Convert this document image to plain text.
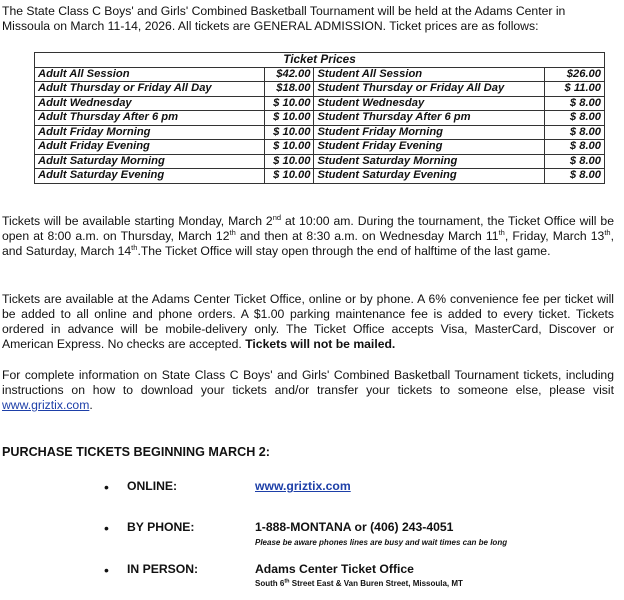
The State Class C Boys' and Girls' Combined Basketball Tournament will be held at the Adams Center in Missoula on March 11-14, 2026. All tickets are GENERAL ADMISSION. Ticket prices are as follows:
Ticket Prices			
Adult All Session	$42.00	Student All Session	$26.00
Adult Thursday or Friday All Day	$18.00	Student Thursday or Friday All Day	$ 11.00
Adult Wednesday	$ 10.00	Student Wednesday	$ 8.00
Adult Thursday After 6 pm	$ 10.00	Student Thursday After 6 pm	$ 8.00
Adult Friday Morning	$ 10.00	Student Friday Morning	$ 8.00
Adult Friday Evening	$ 10.00	Student Friday Evening	$ 8.00
Adult Saturday Morning	$ 10.00	Student Saturday Morning	$ 8.00
Adult Saturday Evening	$ 10.00	Student Saturday Evening	$ 8.00
Tickets will be available starting Monday, March 2nd at 10:00 am. During the tournament, the Ticket Office will be open at 8:00 a.m. on Thursday, March 12th and then at 8:30 a.m. on Wednesday March 11th, Friday, March 13th, and Saturday, March 14th.The Ticket Office will stay open through the end of halftime of the last game.
Tickets are available at the Adams Center Ticket Office, online or by phone. A 6% convenience fee per ticket will be added to all online and phone orders. A $1.00 parking maintenance fee is added to every ticket. Tickets ordered in advance will be mobile-delivery only. The Ticket Office accepts Visa, MasterCard, Discover or American Express. No checks are accepted. Tickets will not be mailed.
For complete information on State Class C Boys' and Girls' Combined Basketball Tournament tickets, including instructions on how to download your tickets and/or transfer your tickets to someone else, please visit www.griztix.com.
PURCHASE TICKETS BEGINNING MARCH 2:
• ONLINE:	www.griztix.com
• BY PHONE:	1-888-MONTANA or (406) 243-4051
Please be aware phones lines are busy and wait times can be long
• IN PERSON:	Adams Center Ticket Office
South 6th Street East & Van Buren Street, Missoula, MT
